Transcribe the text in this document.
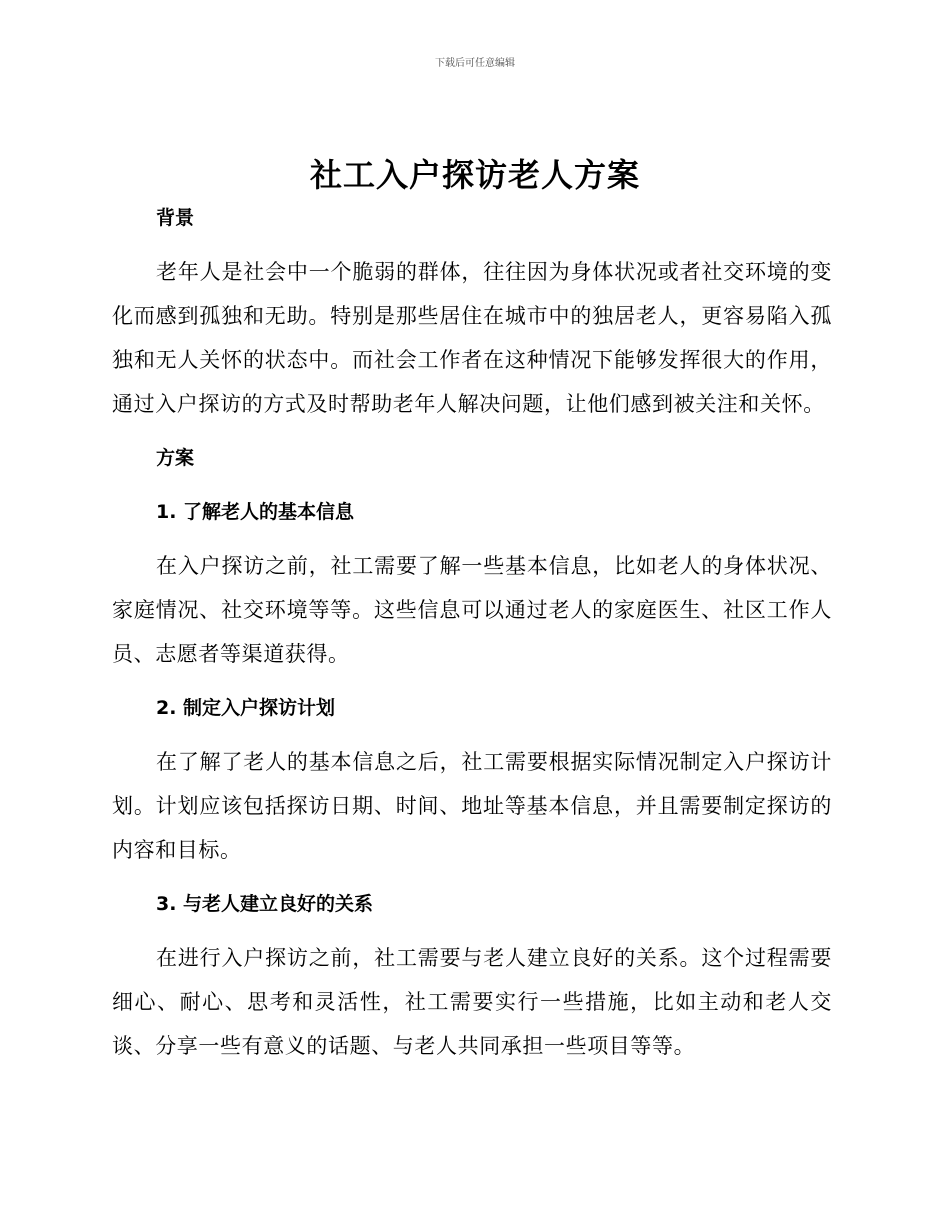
下载后可任意编辑
社工入户探访老人方案
背景

老年人是社会中一个脆弱的群体，往往因为身体状况或者社交环境的变化而感到孤独和无助。特别是那些居住在城市中的独居老人，更容易陷入孤独和无人关怀的状态中。而社会工作者在这种情况下能够发挥很大的作用，通过入户探访的方式及时帮助老年人解决问题，让他们感到被关注和关怀。

方案
1. 了解老人的基本信息

在入户探访之前，社工需要了解一些基本信息，比如老人的身体状况、家庭情况、社交环境等等。这些信息可以通过老人的家庭医生、社区工作人员、志愿者等渠道获得。

2. 制定入户探访计划

在了解了老人的基本信息之后，社工需要根据实际情况制定入户探访计划。计划应该包括探访日期、时间、地址等基本信息，并且需要制定探访的内容和目标。

3. 与老人建立良好的关系

在进行入户探访之前，社工需要与老人建立良好的关系。这个过程需要细心、耐心、思考和灵活性，社工需要实行一些措施，比如主动和老人交谈、分享一些有意义的话题、与老人共同承担一些项目等等。
